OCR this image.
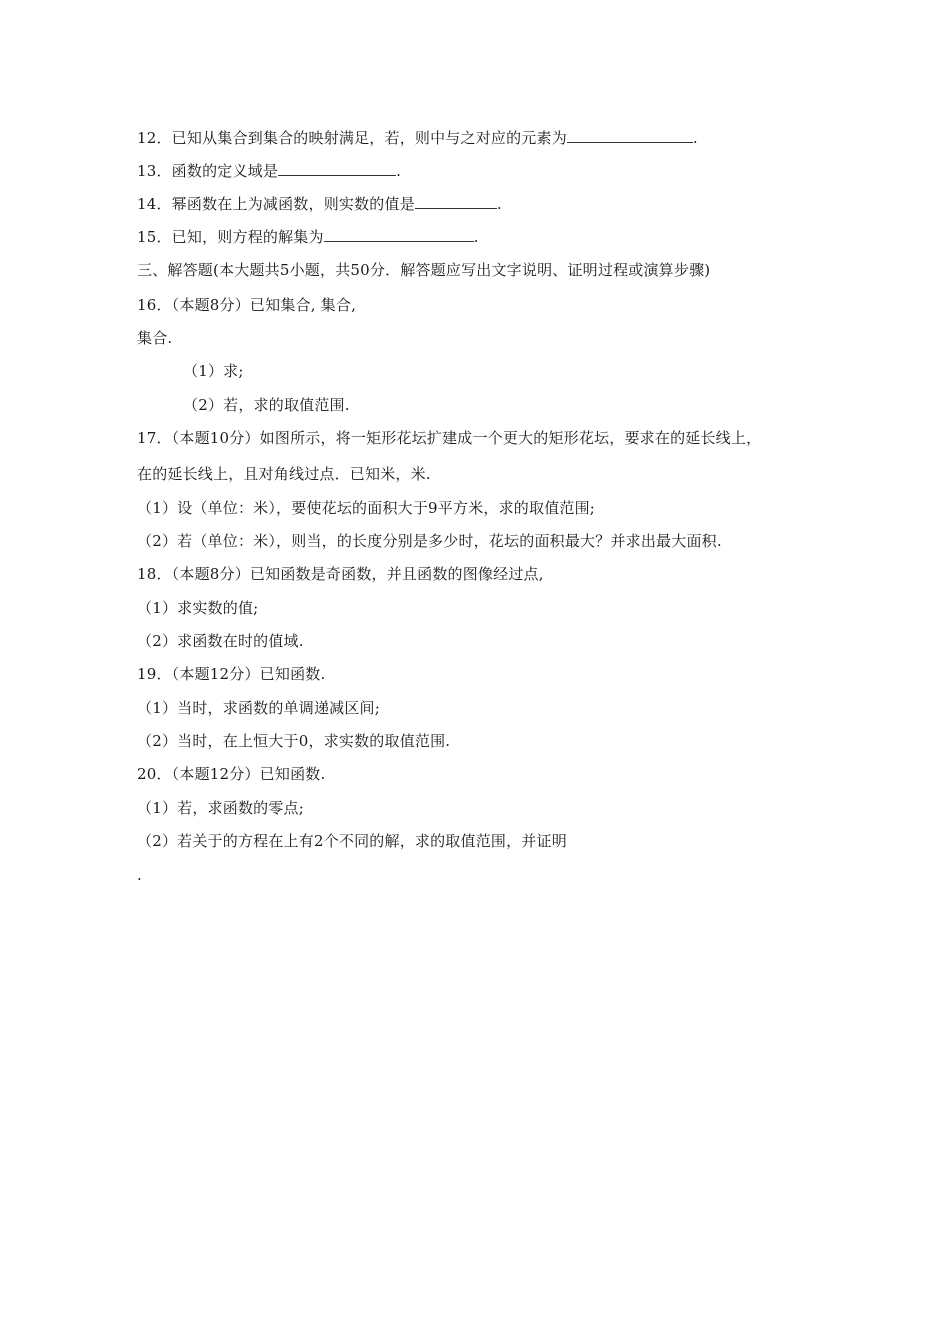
12．已知从集合到集合的映射满足，若，则中与之对应的元素为	.
13．函数的定义域是	.
14．幂函数在上为减函数，则实数的值是	.
15．已知，则方程的解集为	.
三、解答题(本大题共5小题，共50分．解答题应写出文字说明、证明过程或演算步骤)
16．（本题8分）已知集合, 集合,
集合.
（1）求;
（2）若，求的取值范围.
17．（本题10分）如图所示，将一矩形花坛扩建成一个更大的矩形花坛，要求在的延长线上，
在的延长线上，且对角线过点．已知米，米.
（1）设（单位：米），要使花坛的面积大于9平方米，求的取值范围;
（2）若（单位：米），则当，的长度分别是多少时，花坛的面积最大？并求出最大面积.
18．（本题8分）已知函数是奇函数，并且函数的图像经过点,
（1）求实数的值;
（2）求函数在时的值域.
19．（本题12分）已知函数.
（1）当时，求函数的单调递减区间;
（2）当时，在上恒大于0，求实数的取值范围.
20．（本题12分）已知函数.
（1）若，求函数的零点;
（2）若关于的方程在上有2个不同的解，求的取值范围，并证明
.
